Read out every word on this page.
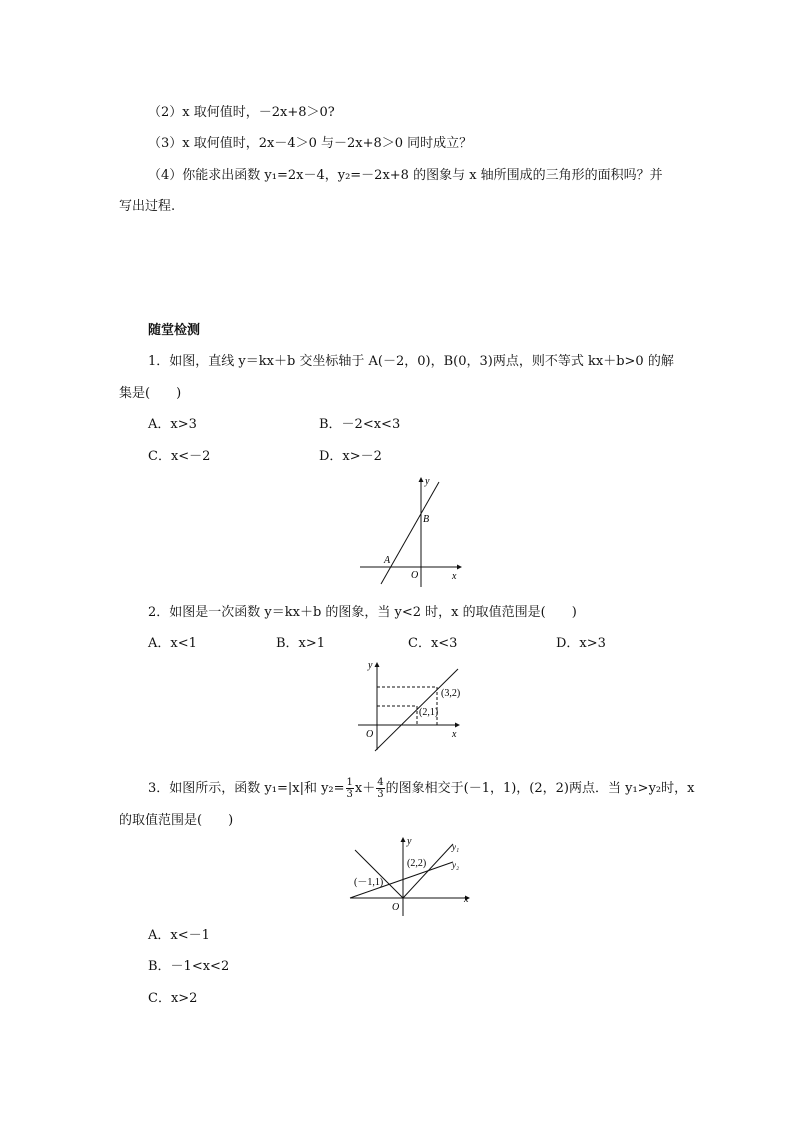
（2）x 取何值时，－2x+8＞0?
（3）x 取何值时，2x－4＞0 与－2x+8＞0 同时成立？
（4）你能求出函数 y₁=2x－4，y₂=－2x+8 的图象与 x 轴所围成的三角形的面积吗？并
写出过程.
随堂检测
1．如图，直线 y＝kx＋b 交坐标轴于 A(－2，0)，B(0，3)两点，则不等式 kx＋b>0 的解
集是(　　)
A．x>3	B．－2<x<3
C．x<－2	D．x>－2
y
x
O
A
B
2．如图是一次函数 y＝kx＋b 的图象，当 y<2 时，x 的取值范围是(　　)
A．x<1	B．x>1	C．x<3	D．x>3
y
x
O
(3,2)
(2,1)
3．如图所示，函数 y₁=|x|和 $y_2= \frac{1}{3} x+ \frac{4}{3}$ 的图象相交于(－1，1)，(2，2)两点．当 y₁>y₂时，x
的取值范围是(　　)
y
x
O
(2,2)
(－1,1)
y₁
y₂
A．x<－1
B．－1<x<2
C．x>2
